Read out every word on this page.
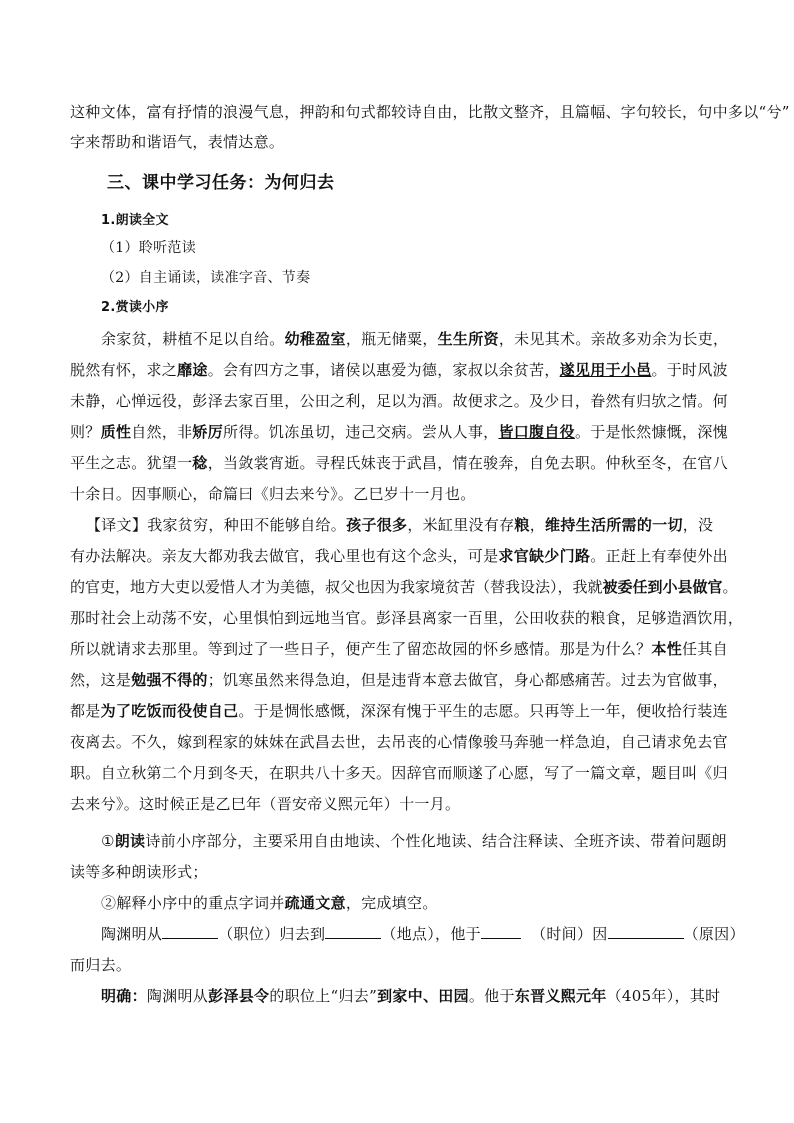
这种文体，富有抒情的浪漫气息，押韵和句式都较诗自由，比散文整齐，且篇幅、字句较长，句中多以“兮”
字来帮助和谐语气，表情达意。
三、课中学习任务：为何归去
1.朗读全文
（1）聆听范读
（2）自主诵读，读准字音、节奏
2.赏读小序
余家贫，耕植不足以自给。幼稚盈室，瓶无储粟，生生所资，未见其术。亲故多劝余为长吏，
脱然有怀，求之靡途。会有四方之事，诸侯以惠爱为德，家叔以余贫苦，遂见用于小邑。于时风波
未静，心惮远役，彭泽去家百里，公田之利，足以为酒。故便求之。及少日，眷然有归欤之情。何
则？质性自然，非矫厉所得。饥冻虽切，违己交病。尝从人事，皆口腹自役。于是怅然慷慨，深愧
平生之志。犹望一稔，当敛裳宵逝。寻程氏妹丧于武昌，情在骏奔，自免去职。仲秋至冬，在官八
十余日。因事顺心，命篇曰《归去来兮》。乙巳岁十一月也。
【译文】我家贫穷，种田不能够自给。孩子很多，米缸里没有存粮，维持生活所需的一切，没
有办法解决。亲友大都劝我去做官，我心里也有这个念头，可是求官缺少门路。正赶上有奉使外出
的官吏，地方大吏以爱惜人才为美德，叔父也因为我家境贫苦（替我设法），我就被委任到小县做官。
那时社会上动荡不安，心里惧怕到远地当官。彭泽县离家一百里，公田收获的粮食，足够造酒饮用，
所以就请求去那里。等到过了一些日子，便产生了留恋故园的怀乡感情。那是为什么？本性任其自
然，这是勉强不得的；饥寒虽然来得急迫，但是违背本意去做官，身心都感痛苦。过去为官做事，
都是为了吃饭而役使自己。于是惆怅感慨，深深有愧于平生的志愿。只再等上一年，便收拾行装连
夜离去。不久，嫁到程家的妹妹在武昌去世，去吊丧的心情像骏马奔驰一样急迫，自己请求免去官
职。自立秋第二个月到冬天，在职共八十多天。因辞官而顺遂了心愿，写了一篇文章，题目叫《归
去来兮》。这时候正是乙巳年（晋安帝义熙元年）十一月。
①朗读诗前小序部分，主要采用自由地读、个性化地读、结合注释读、全班齐读、带着问题朗
读等多种朗读形式；
②解释小序中的重点字词并疏通文意，完成填空。
陶渊明从	（职位）归去到	（地点），他于	（时间）因	（原因）
而归去。
明确：陶渊明从彭泽县令的职位上“归去”到家中、田园。他于东晋义熙元年（405年），其时
